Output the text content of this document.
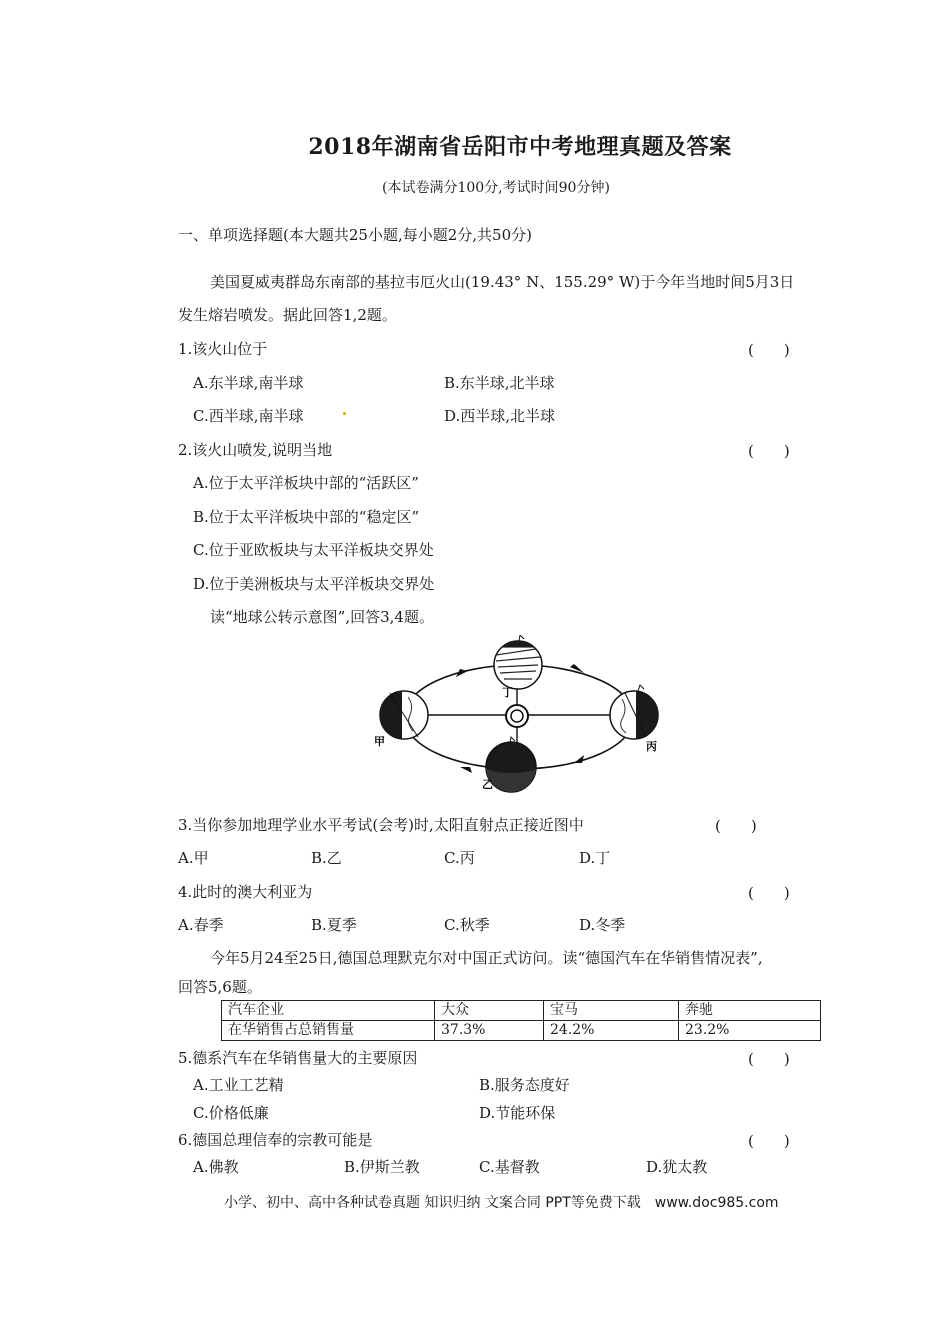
2018年湖南省岳阳市中考地理真题及答案
(本试卷满分100分,考试时间90分钟)
一、单项选择题(本大题共25小题,每小题2分,共50分)
美国夏威夷群岛东南部的基拉韦厄火山(19.43° N、155.29° W)于今年当地时间5月3日
发生熔岩喷发。据此回答1,2题。
1.该火山位于	(　　)
A.东半球,南半球	B.东半球,北半球
C.西半球,南半球	D.西半球,北半球
2.该火山喷发,说明当地	(　　)
A.位于太平洋板块中部的“活跃区”
B.位于太平洋板块中部的“稳定区”
C.位于亚欧板块与太平洋板块交界处
D.位于美洲板块与太平洋板块交界处
读“地球公转示意图”,回答3,4题。
甲
乙
丙
丁
3.当你参加地理学业水平考试(会考)时,太阳直射点正接近图中	(　　)
A.甲	B.乙	C.丙	D.丁
4.此时的澳大利亚为	(　　)
A.春季	B.夏季	C.秋季	D.冬季
今年5月24至25日,德国总理默克尔对中国正式访问。读“德国汽车在华销售情况表”,
回答5,6题。
汽车企业	大众	宝马	奔驰
在华销售占总销售量	37.3%	24.2%	23.2%
5.德系汽车在华销售量大的主要原因	(　　)
A.工业工艺精	B.服务态度好
C.价格低廉	D.节能环保
6.德国总理信奉的宗教可能是	(　　)
A.佛教	B.伊斯兰教	C.基督教	D.犹太教
小学、初中、高中各种试卷真题 知识归纳 文案合同 PPT等免费下载　www.doc985.com
